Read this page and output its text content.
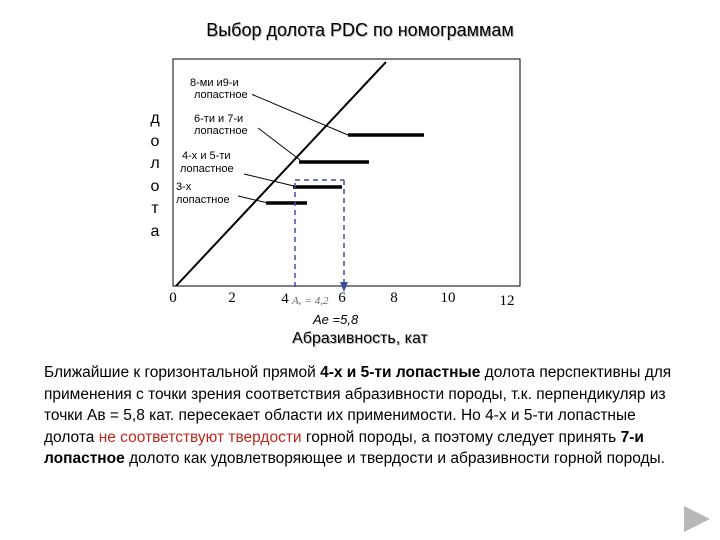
Выбор долота PDC по номограммам
д
о
л
о
т
а
8-ми и9-и
лопастное
6-ти и 7-и
лопастное
4-х и 5-ти
лопастное
3-х
лопастное
0	2	4	6	8	10	12
Aᵥ = 4,2
Ae =5,8
Абразивность, кат

Ближайшие к горизонтальной прямой 4-х и 5-ти лопастные долота перспективны для применения с точки зрения соответствия абразивности породы, т.к. перпендикуляр из точки Ав = 5,8 кат. пересекает области их применимости. Но 4-х и 5-ти лопастные долота не соответствуют твердости горной породы, а поэтому следует принять 7-и лопастное долото как удовлетворяющее и твердости и абразивности горной породы.
